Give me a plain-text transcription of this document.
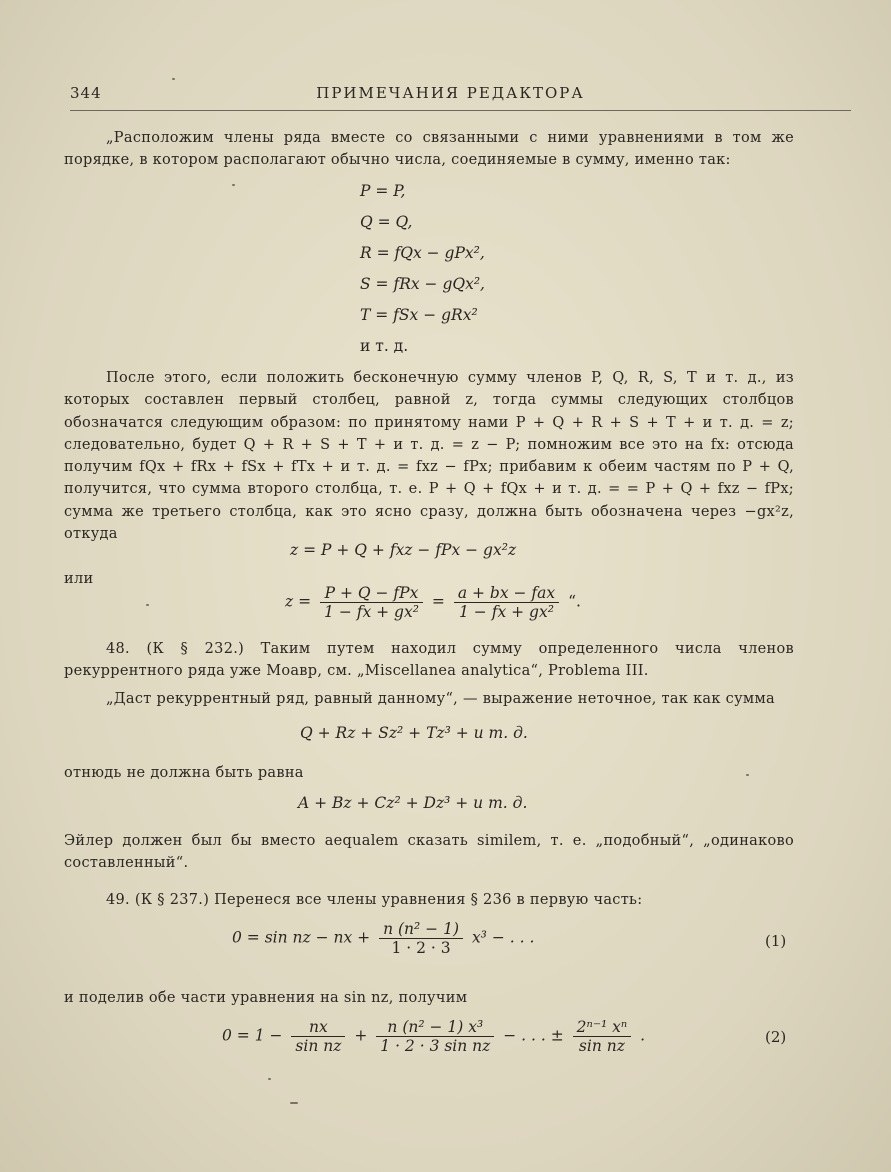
344	ПРИМЕЧАНИЯ РЕДАКТОРА
„Расположим члены ряда вместе со связанными с ними уравнениями в том же порядке, в котором располагают обычно числа, соединяемые в сумму, именно так:
P = P,
Q = Q,
R = fQx − gPx²,
S = fRx − gQx²,
T = fSx − gRx²
и т. д.
После этого, если положить бесконечную сумму членов P, Q, R, S, T и т. д., из которых составлен первый столбец, равной z, тогда суммы следующих столбцов обозначатся следующим образом: по принятому нами P + Q + R + S + T + и т. д. = z; следовательно, будет Q + R + S + T + и т. д. = z − P; помножим все это на fx: отсюда получим fQx + fRx + fSx + fTx + и т. д. = fxz − fPx; прибавим к обеим частям по P + Q, получится, что сумма второго столбца, т. е. P + Q + fQx + и т. д. = = P + Q + fxz − fPx; сумма же третьего столбца, как это ясно сразу, должна быть обозначена через −gx²z, откуда
z = P + Q + fxz − fPx − gx²z
или
$z = \frac{\text{P + Q − fPx}}{\text{1 − fx + gx²}} = \frac{\text{a + bx − fax}}{\text{1 − fx + gx²}}$ “.
48. (К § 232.) Таким путем находил сумму определенного числа членов рекуррентного ряда уже Моавр, см. „Miscellanea analytica“, Problema III.
„Даст рекуррентный ряд, равный данному“, — выражение неточное, так как сумма
Q + Rz + Sz² + Tz³ + и т. д.
отнюдь не должна быть равна
A + Bz + Cz² + Dz³ + и т. д.
Эйлер должен был бы вместо aequalem сказать similem, т. е. „подобный“, „одинаково составленный“.
49. (К § 237.) Перенеся все члены уравнения § 236 в первую часть:
0 = sin nz − nx + $\frac{\text{n (n² − 1)}}{1 \cdot 2 \cdot 3} x^3$ − . . .	(1)
и поделив обе части уравнения на sin nz, получим
$0 = 1 - \frac{nx}{\text{sin nz}} + \frac{\text{n (n² − 1) x³}}{\text{1 · 2 · 3 sin nz}}$ − . . . ± $\frac{\text{2ⁿ⁻¹ xⁿ}}{\text{sin nz}}$ .	(2)
